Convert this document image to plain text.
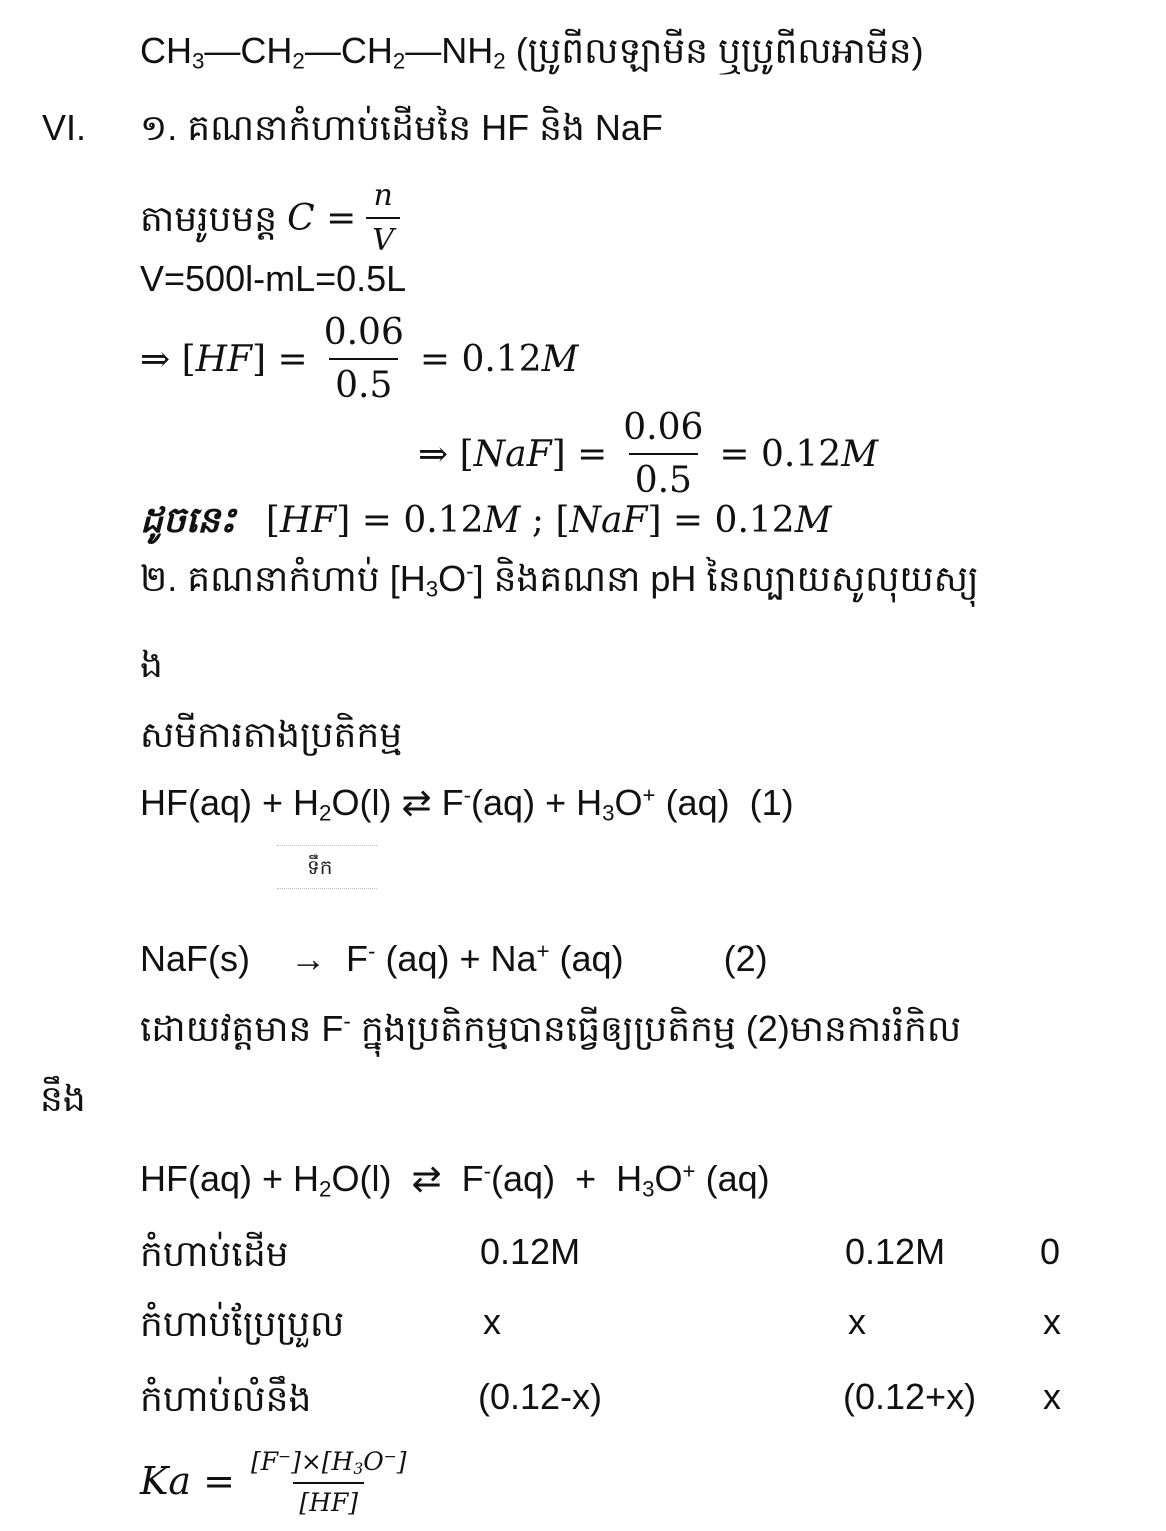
CH3—CH2—CH2—NH2 (ប្រូពីលឡាមីន ឬប្រូពីលអាមីន)
VI. ១. គណនាកំហាប់ដើមនៃ HF និង NaF
តាមរូបមន្ត $C = \frac{n}{V}$
V=500l-mL=0.5L
⇒ $[HF] = \frac{0.06}{0.5} = 0.12M$
⇒ $[NaF] = \frac{0.06}{0.5} = 0.12M$
ដូចនេះ [HF] = 0.12M ; [NaF] = 0.12M
២. គណនាកំហាប់ [H3O-] និងគណនា pH នៃល្បាយសូលុយស្យុ
ង
សមីការតាងប្រតិកម្ម
HF(aq) + H2O(l) ⇄ F-(aq) + H3O+ (aq)  (1)
ទឹក
NaF(s)    →  F- (aq) + Na+ (aq)          (2)
ដោយវត្តមាន F- ក្នុងប្រតិកម្មបានធ្វើឲ្យប្រតិកម្ម (2)មានការរំកិល
នឹង
HF(aq) + H2O(l)  ⇄  F-(aq)  +  H3O+ (aq)
កំហាប់ដើម	0.12M	0.12M	0
កំហាប់ប្រែប្រួល	x	x	x
កំហាប់លំនឹង	(0.12-x)	(0.12+x) x
$Ka = \frac{[F^-]\times[H3O^-]}{[HF]}$
